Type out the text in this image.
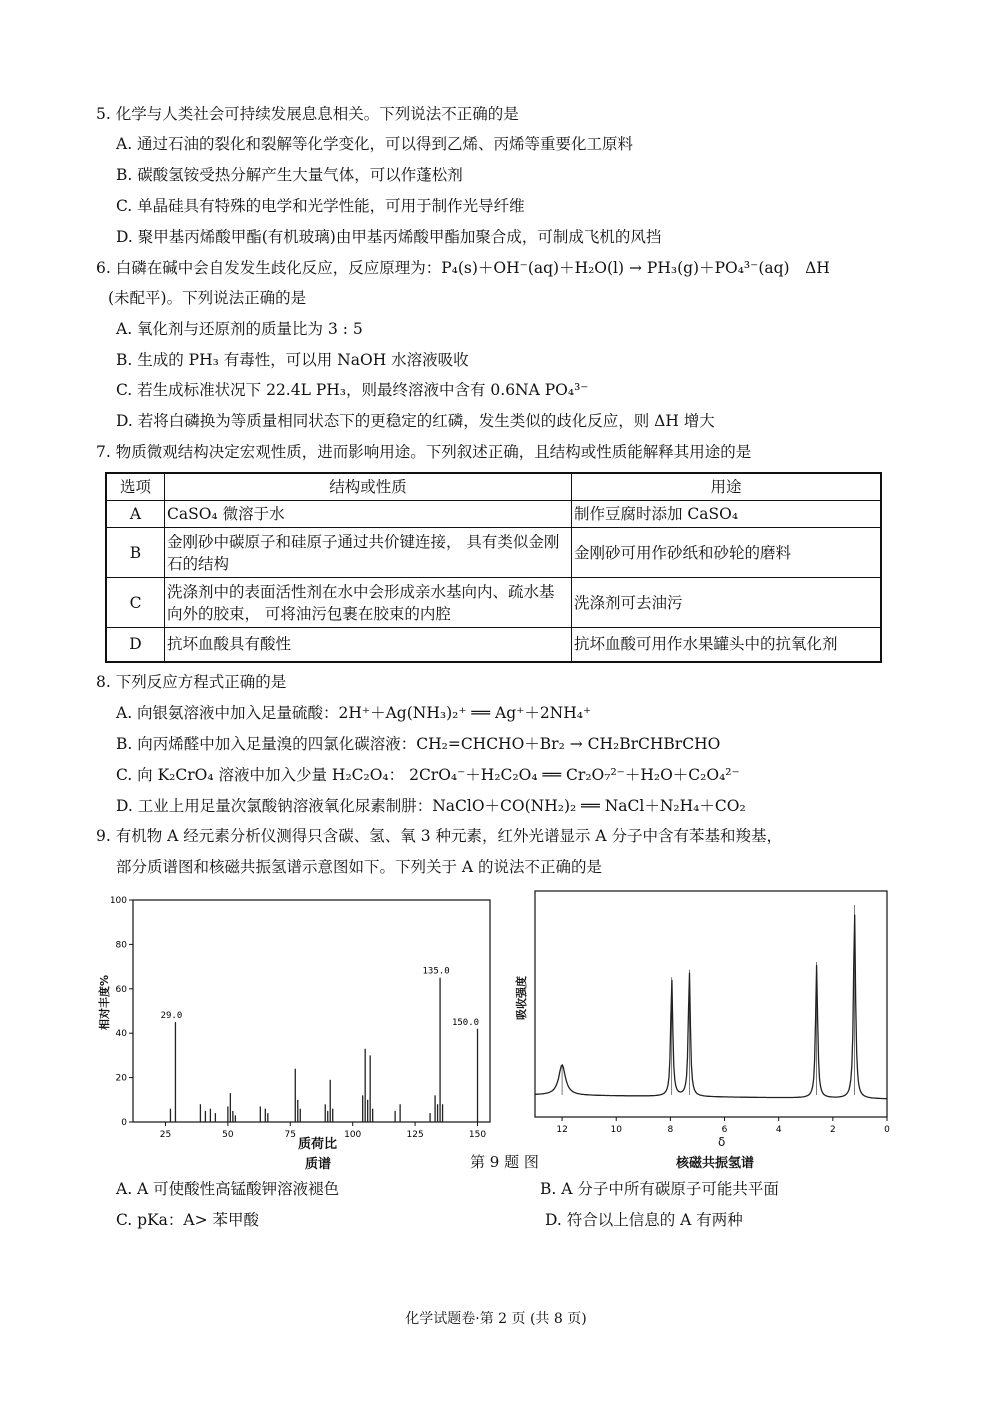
5. 化学与人类社会可持续发展息息相关。下列说法不正确的是
A. 通过石油的裂化和裂解等化学变化，可以得到乙烯、丙烯等重要化工原料
B. 碳酸氢铵受热分解产生大量气体，可以作蓬松剂
C. 单晶硅具有特殊的电学和光学性能，可用于制作光导纤维
D. 聚甲基丙烯酸甲酯(有机玻璃)由甲基丙烯酸甲酯加聚合成，可制成飞机的风挡
6. 白磷在碱中会自发发生歧化反应，反应原理为：P₄(s)＋OH⁻(aq)＋H₂O(l) → PH₃(g)＋PO₄³⁻(aq)　ΔH
(未配平)。下列说法正确的是
A. 氧化剂与还原剂的质量比为 3 : 5
B. 生成的 PH₃ 有毒性，可以用 NaOH 水溶液吸收
C. 若生成标准状况下 22.4L PH₃，则最终溶液中含有 0.6NA PO₄³⁻
D. 若将白磷换为等质量相同状态下的更稳定的红磷，发生类似的歧化反应，则 ΔH 增大
7. 物质微观结构决定宏观性质，进而影响用途。下列叙述正确，且结构或性质能解释其用途的是
选项	结构或性质	用途
A	CaSO₄ 微溶于水	制作豆腐时添加 CaSO₄
B	金刚砂中碳原子和硅原子通过共价键连接， 具有类似金刚石的结构	金刚砂可用作砂纸和砂轮的磨料
C	洗涤剂中的表面活性剂在水中会形成亲水基向内、疏水基向外的胶束， 可将油污包裹在胶束的内腔	洗涤剂可去油污
D	抗坏血酸具有酸性	抗坏血酸可用作水果罐头中的抗氧化剂
8. 下列反应方程式正确的是
A. 向银氨溶液中加入足量硫酸：2H⁺＋Ag(NH₃)₂⁺ ══ Ag⁺＋2NH₄⁺
B. 向丙烯醛中加入足量溴的四氯化碳溶液：CH₂=CHCHO＋Br₂ → CH₂BrCHBrCHO
C. 向 K₂CrO₄ 溶液中加入少量 H₂C₂O₄： 2CrO₄⁻＋H₂C₂O₄ ══ Cr₂O₇²⁻＋H₂O＋C₂O₄²⁻
D. 工业上用足量次氯酸钠溶液氧化尿素制肼：NaClO＋CO(NH₂)₂ ══ NaCl＋N₂H₄＋CO₂
9. 有机物 A 经元素分析仪测得只含碳、氢、氧 3 种元素，红外光谱显示 A 分子中含有苯基和羧基，
部分质谱图和核磁共振氢谱示意图如下。下列关于 A 的说法不正确的是
0
20
40
60
80
100
25	50	75	100	125	150
29.0
135.0
150.0
质荷比
质谱
相对丰度%
12	10	8	6	4	2	0
δ
核磁共振氢谱
吸收强度
第 9 题 图
A. A 可使酸性高锰酸钾溶液褪色	B. A 分子中所有碳原子可能共平面
C. pKa：A> 苯甲酸	D. 符合以上信息的 A 有两种
化学试题卷·第 2 页 (共 8 页)
